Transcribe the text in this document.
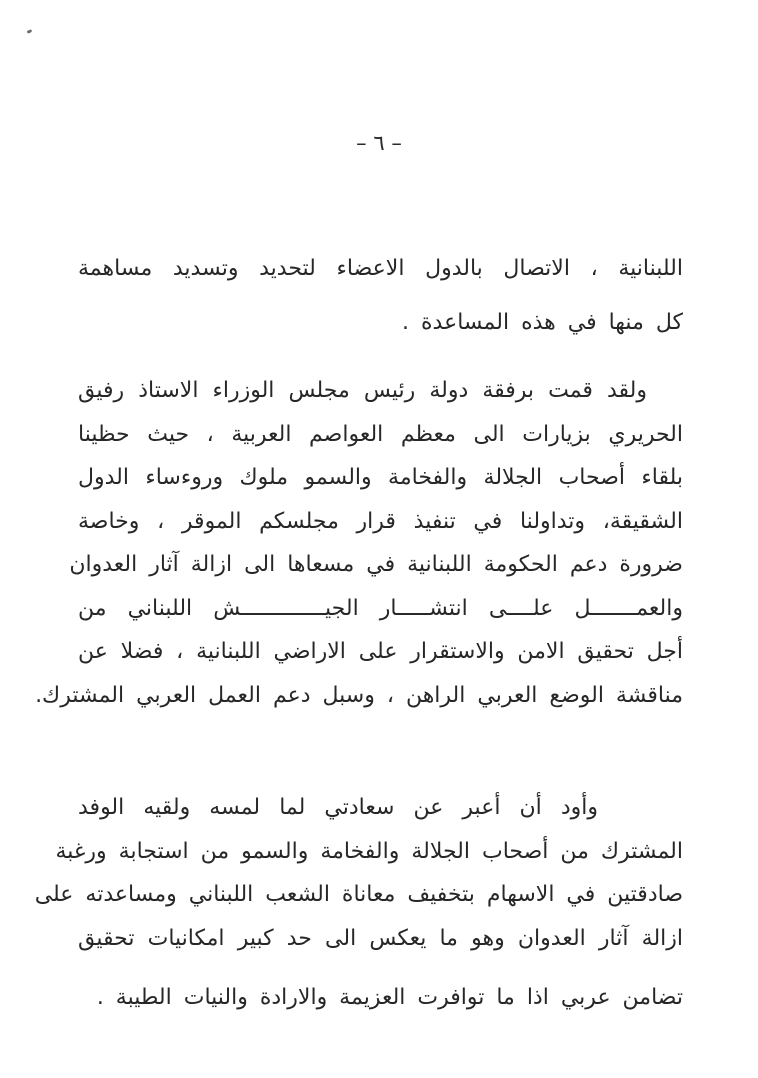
– ٦ –
اللبنانية ، الاتصال بالدول الاعضاء لتحديد وتسديد مساهمة
كل منها في هذه المساعدة .
ولقد قمت برفقة دولة رئيس مجلس الوزراء الاستاذ رفيق
الحريري بزيارات الى معظم العواصم العربية ، حيث حظينا
بلقاء أصحاب الجلالة والفخامة والسمو ملوك وروءساء الدول
الشقيقة، وتداولنا في تنفيذ قرار مجلسكم الموقر ، وخاصة
ضرورة دعم الحكومة اللبنانية في مسعاها الى ازالة آثار العدوان
والعمـــــــل علــــى انتشـــــار الجيـــــــــــــش اللبناني من
أجل تحقيق الامن والاستقرار على الاراضي اللبنانية ، فضلا عن
مناقشة الوضع العربي الراهن ، وسبل دعم العمل العربي المشترك.
وأود أن أعبر عن سعادتي لما لمسه ولقيه الوفد
المشترك من أصحاب الجلالة والفخامة والسمو من استجابة ورغبة
صادقتين في الاسهام بتخفيف معاناة الشعب اللبناني ومساعدته على
ازالة آثار العدوان وهو ما يعكس الى حد كبير امكانيات تحقيق
تضامن عربي اذا ما توافرت العزيمة والارادة والنيات الطيبة .
